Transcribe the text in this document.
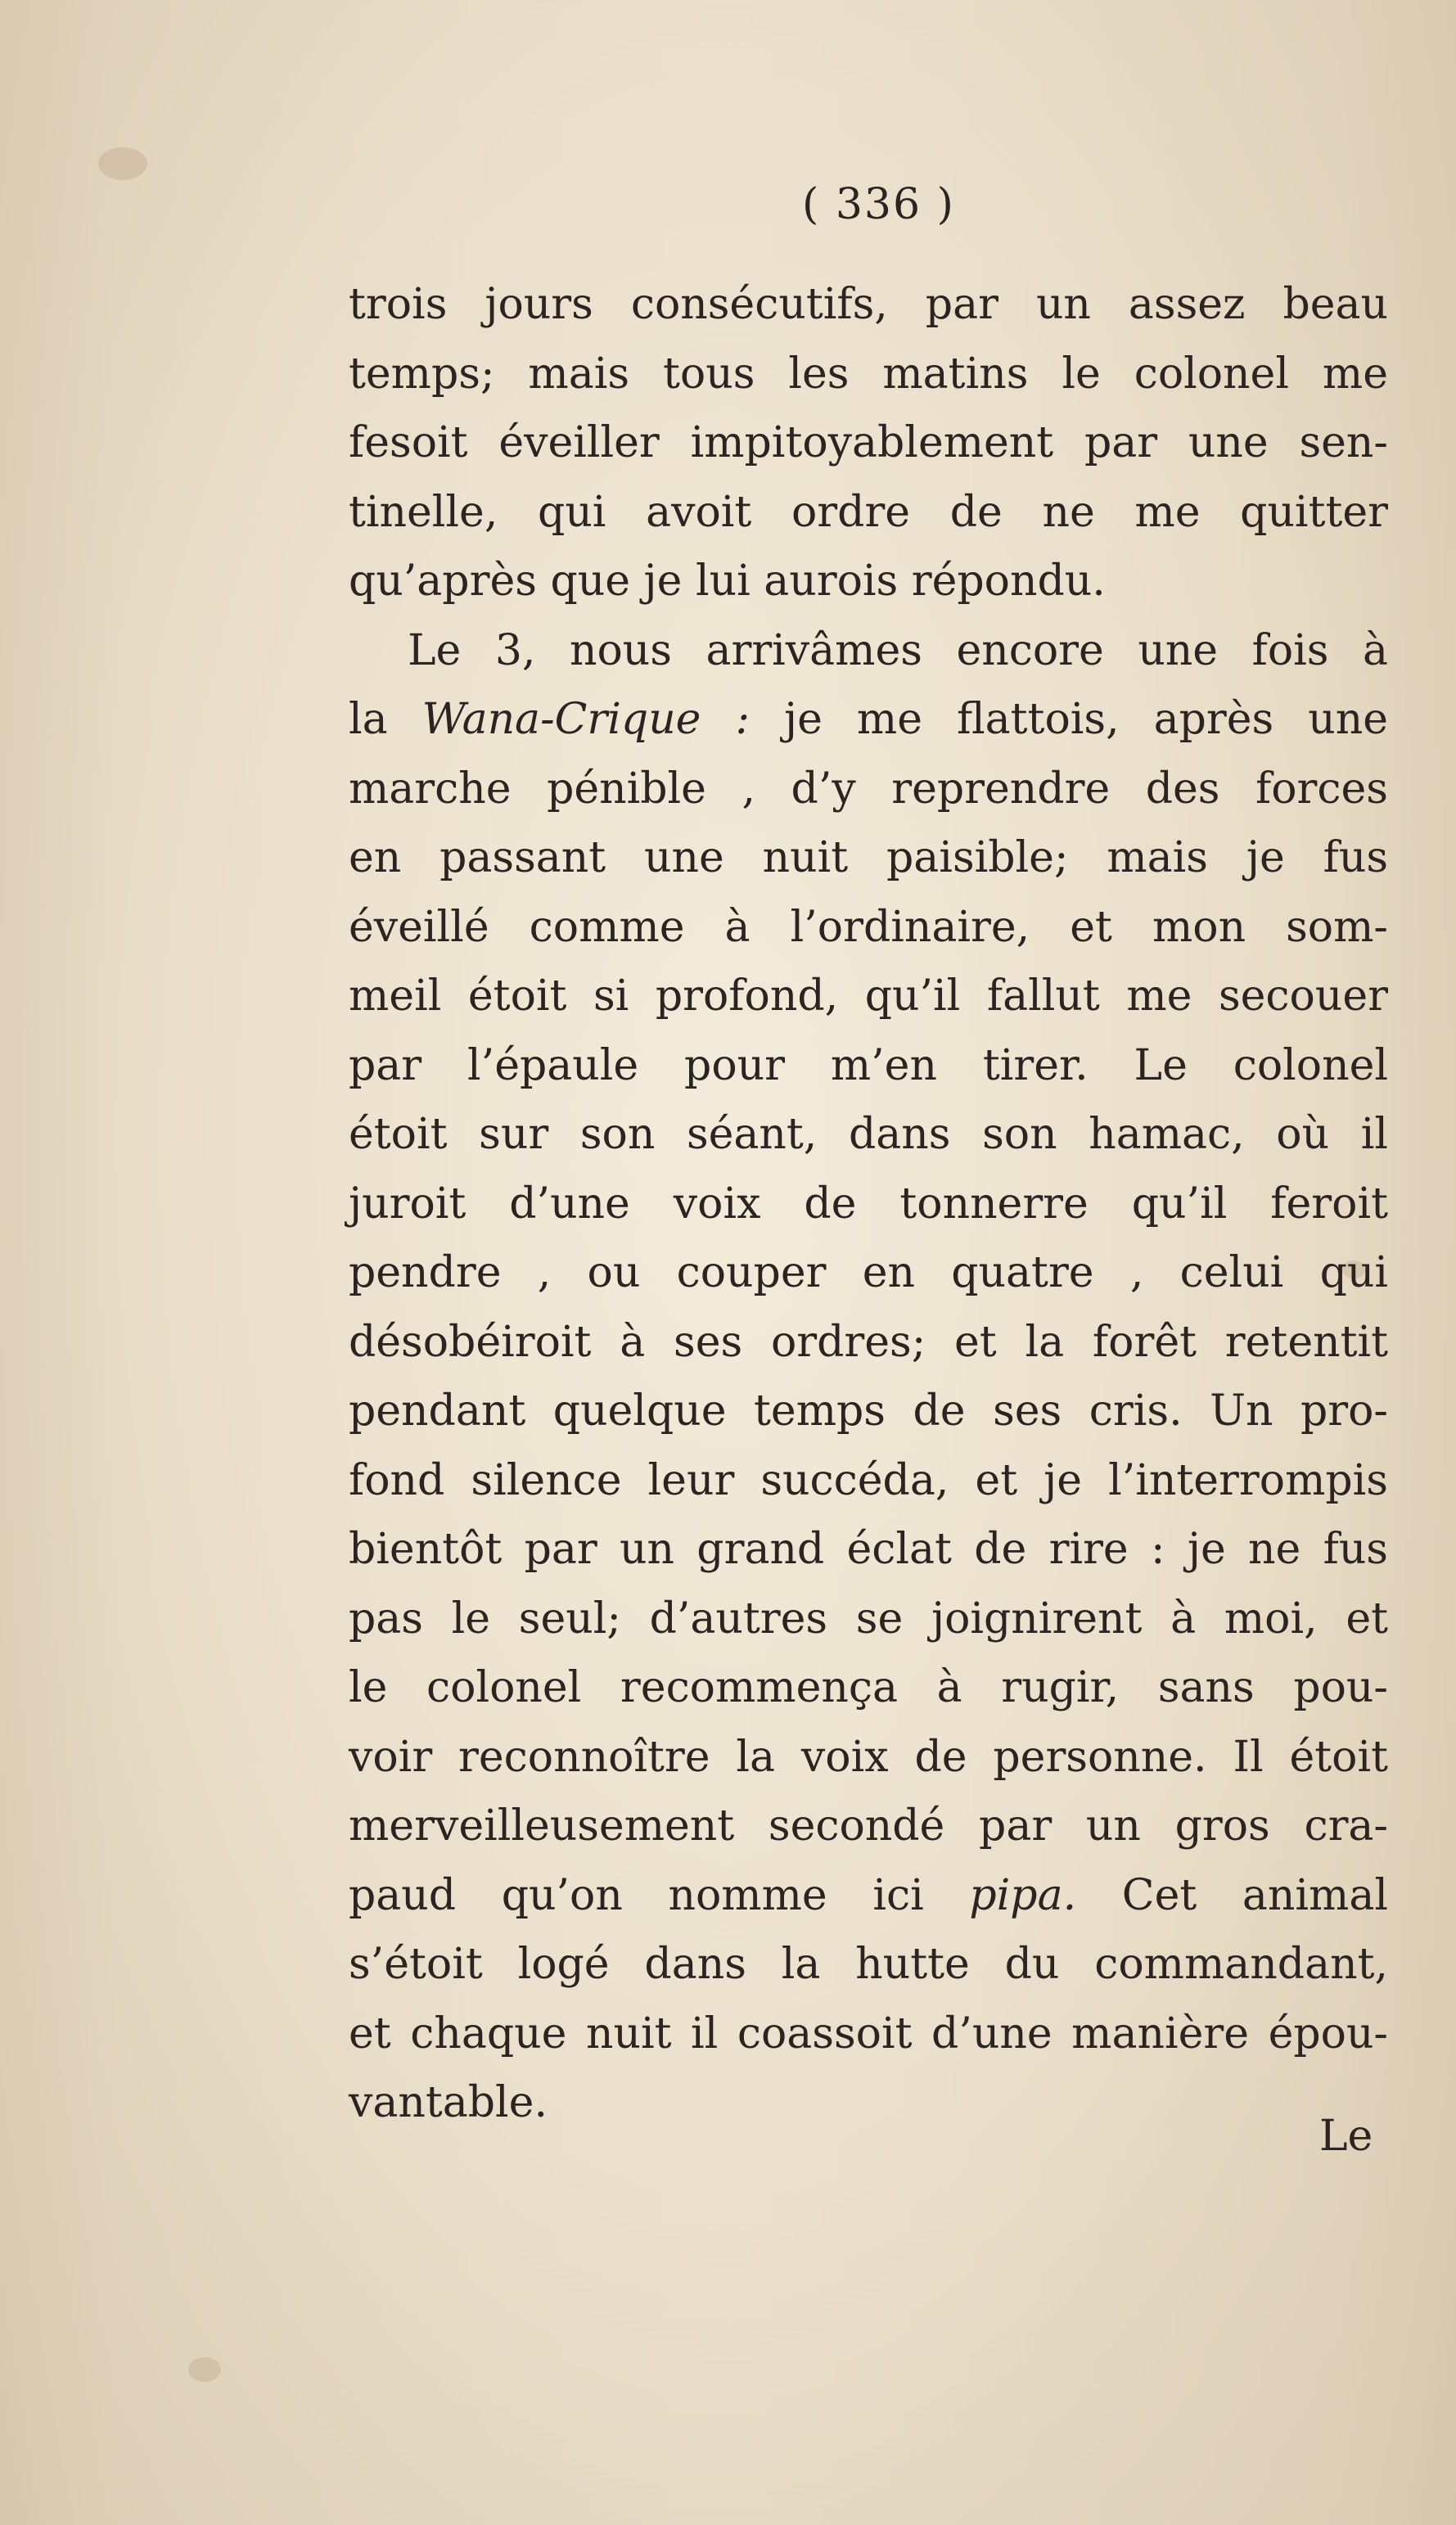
( 336 )
trois jours consécutifs, par un assez beau
temps; mais tous les matins le colonel me
fesoit éveiller impitoyablement par une sen-
tinelle, qui avoit ordre de ne me quitter
qu’après que je lui aurois répondu.
Le 3, nous arrivâmes encore une fois à
la Wana-Crique : je me flattois, après une
marche pénible , d’y reprendre des forces
en passant une nuit paisible; mais je fus
éveillé comme à l’ordinaire, et mon som-
meil étoit si profond, qu’il fallut me secouer
par l’épaule pour m’en tirer. Le colonel
étoit sur son séant, dans son hamac, où il
juroit d’une voix de tonnerre qu’il feroit
pendre , ou couper en quatre , celui qui
désobéiroit à ses ordres; et la forêt retentit
pendant quelque temps de ses cris. Un pro-
fond silence leur succéda, et je l’interrompis
bientôt par un grand éclat de rire : je ne fus
pas le seul; d’autres se joignirent à moi, et
le colonel recommença à rugir, sans pou-
voir reconnoître la voix de personne. Il étoit
merveilleusement secondé par un gros cra-
paud qu’on nomme ici pipa. Cet animal
s’étoit logé dans la hutte du commandant,
et chaque nuit il coassoit d’une manière épou-
vantable.
Le
